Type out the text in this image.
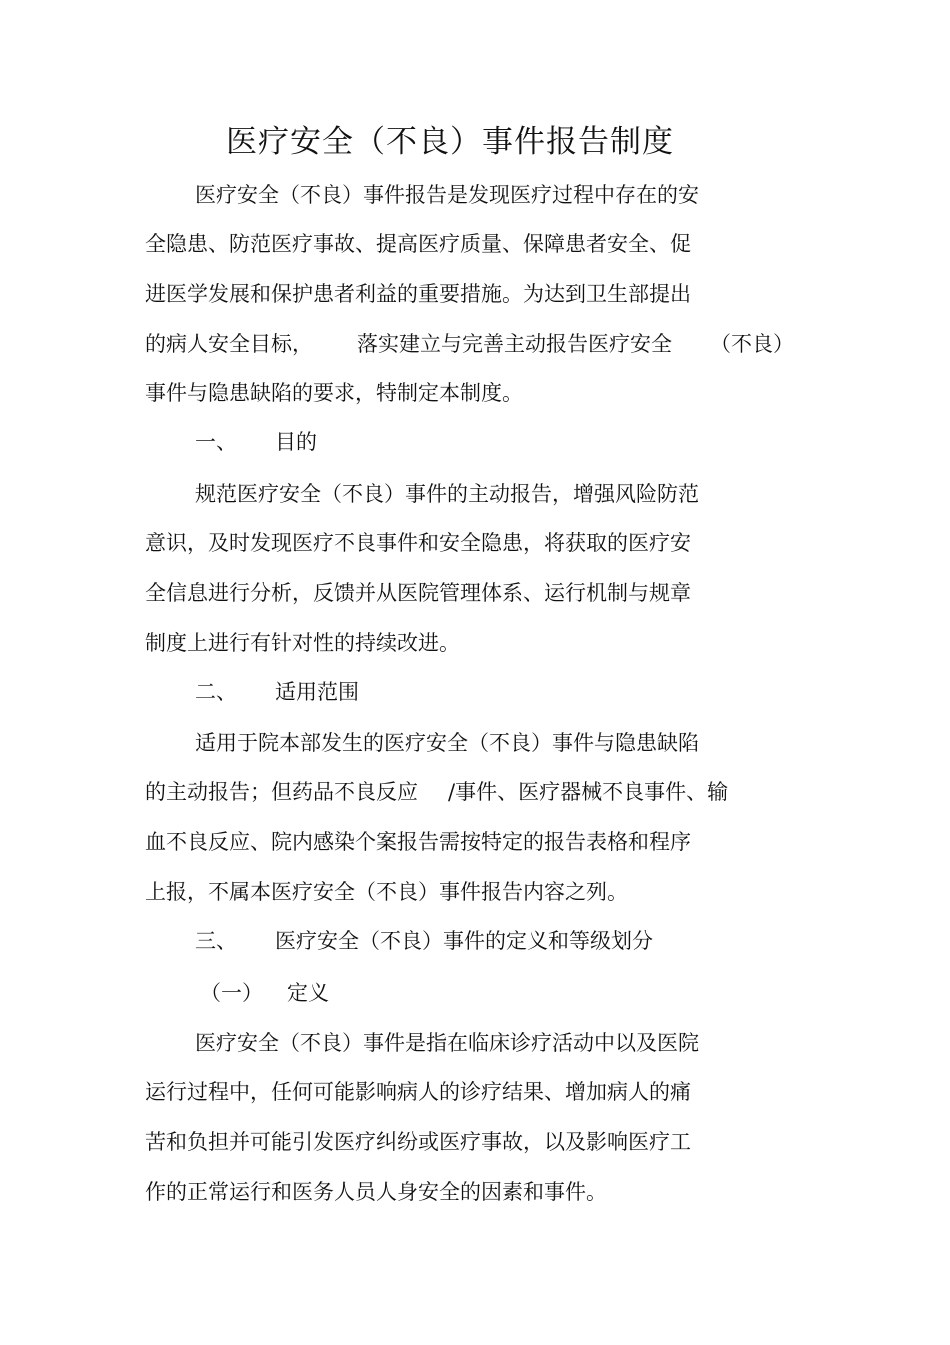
医疗安全（不良）事件报告制度
医疗安全（不良）事件报告是发现医疗过程中存在的安
全隐患、防范医疗事故、提高医疗质量、保障患者安全、促
进医学发展和保护患者利益的重要措施。为达到卫生部提出
的病人安全目标， 落实建立与完善主动报告医疗安全 （不良）
事件与隐患缺陷的要求，特制定本制度。
一、 目的
规范医疗安全（不良）事件的主动报告，增强风险防范
意识，及时发现医疗不良事件和安全隐患，将获取的医疗安
全信息进行分析，反馈并从医院管理体系、运行机制与规章
制度上进行有针对性的持续改进。
二、 适用范围
适用于院本部发生的医疗安全（不良）事件与隐患缺陷
的主动报告；但药品不良反应 /事件、医疗器械不良事件、输
血不良反应、院内感染个案报告需按特定的报告表格和程序
上报，不属本医疗安全（不良）事件报告内容之列。
三、 医疗安全（不良）事件的定义和等级划分
（一） 定义
医疗安全（不良）事件是指在临床诊疗活动中以及医院
运行过程中，任何可能影响病人的诊疗结果、增加病人的痛
苦和负担并可能引发医疗纠纷或医疗事故，以及影响医疗工
作的正常运行和医务人员人身安全的因素和事件。
